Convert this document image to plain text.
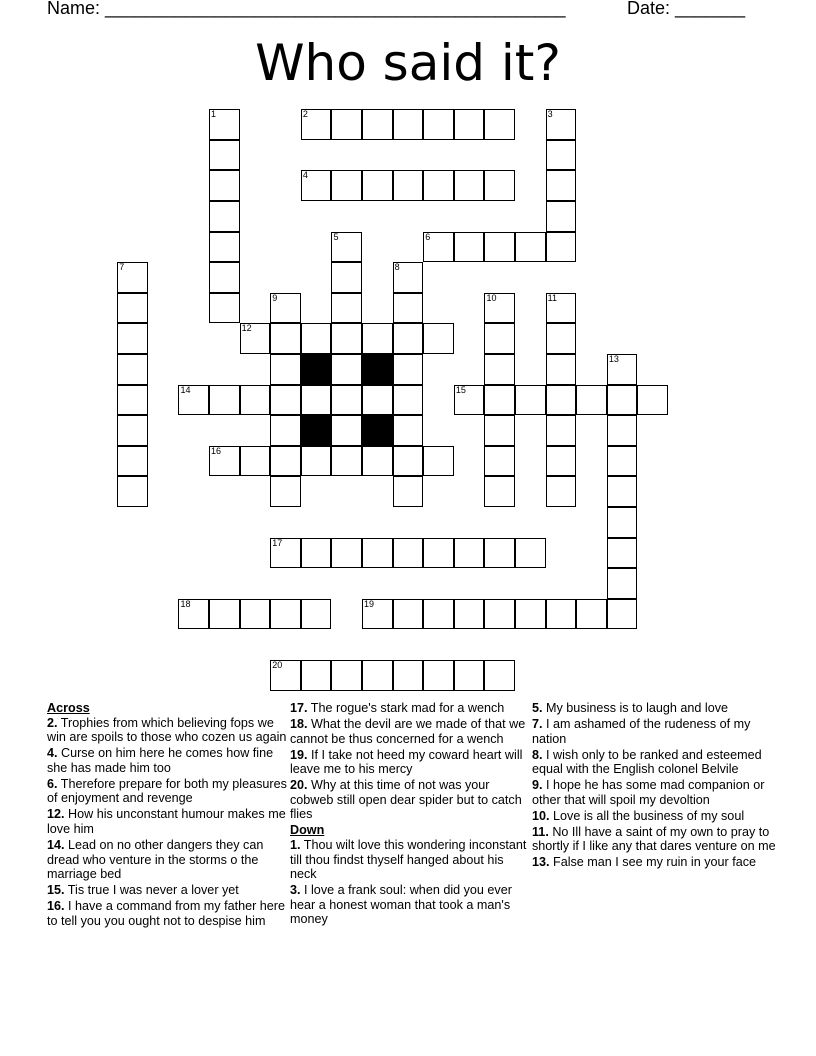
Name: ______________________________________________	Date: _______
Who said it?
1	2	3
4
5	6
7	8
9	10	11
12
13
14	15
16
17
18	19
20
Across
2. Trophies from which believing fops we win are spoils to those who cozen us again
4. Curse on him here he comes how fine she has made him too
6. Therefore prepare for both my pleasures of enjoyment and revenge
12. How his unconstant humour makes me love him
14. Lead on no other dangers they can dread who venture in the storms o the marriage bed
15. Tis true I was never a lover yet
16. I have a command from my father here to tell you you ought not to despise him
17. The rogue's stark mad for a wench
18. What the devil are we made of that we cannot be thus concerned for a wench
19. If I take not heed my coward heart will leave me to his mercy
20. Why at this time of not was your cobweb still open dear spider but to catch flies
Down
1. Thou wilt love this wondering inconstant till thou findst thyself hanged about his neck
3. I love a frank soul: when did you ever hear a honest woman that took a man's money
5. My business is to laugh and love
7. I am ashamed of the rudeness of my nation
8. I wish only to be ranked and esteemed equal with the English colonel Belvile
9. I hope he has some mad companion or other that will spoil my devoltion
10. Love is all the business of my soul
11. No Ill have a saint of my own to pray to shortly if I like any that dares venture on me
13. False man I see my ruin in your face
